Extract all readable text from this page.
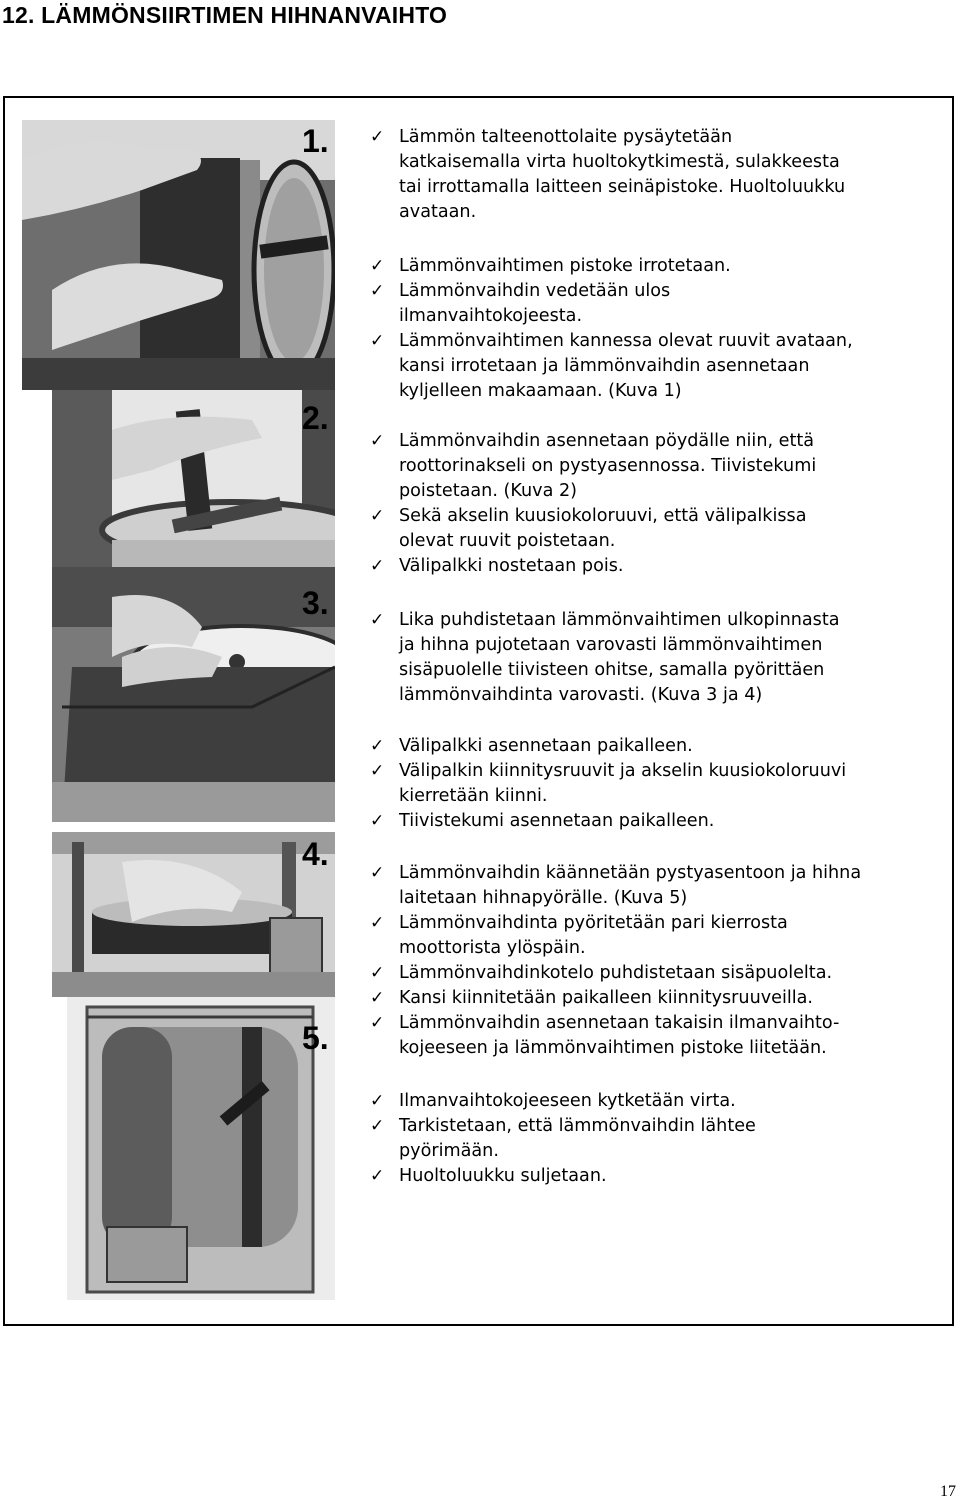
12. LÄMMÖNSIIRTIMEN HIHNANVAIHTO
1.
2.
3.
4.
5.
✓ Lämmön talteenottolaite pysäytetään
katkaisemalla virta huoltokytkimestä, sulakkeesta
tai irrottamalla laitteen seinäpistoke. Huoltoluukku
avataan.
✓ Lämmönvaihtimen pistoke irrotetaan.
✓ Lämmönvaihdin vedetään ulos
ilmanvaihtokojeesta.
✓ Lämmönvaihtimen kannessa olevat ruuvit avataan,
kansi irrotetaan ja lämmönvaihdin asennetaan
kyljelleen makaamaan. (Kuva 1)
✓ Lämmönvaihdin asennetaan pöydälle niin, että
roottorinakseli on pystyasennossa. Tiivistekumi
poistetaan. (Kuva 2)
✓ Sekä akselin kuusiokoloruuvi, että välipalkissa
olevat ruuvit poistetaan.
✓ Välipalkki nostetaan pois.
✓ Lika puhdistetaan lämmönvaihtimen ulkopinnasta
ja hihna pujotetaan varovasti lämmönvaihtimen
sisäpuolelle tiivisteen ohitse, samalla pyörittäen
lämmönvaihdinta varovasti. (Kuva 3 ja 4)
✓ Välipalkki asennetaan paikalleen.
✓ Välipalkin kiinnitysruuvit ja akselin kuusiokoloruuvi
kierretään kiinni.
✓ Tiivistekumi asennetaan paikalleen.
✓ Lämmönvaihdin käännetään pystyasentoon ja hihna
laitetaan hihnapyörälle. (Kuva 5)
✓ Lämmönvaihdinta pyöritetään pari kierrosta
moottorista ylöspäin.
✓ Lämmönvaihdinkotelo puhdistetaan sisäpuolelta.
✓ Kansi kiinnitetään paikalleen kiinnitysruuveilla.
✓ Lämmönvaihdin asennetaan takaisin ilmanvaihto-
kojeeseen ja lämmönvaihtimen pistoke liitetään.
✓ Ilmanvaihtokojeeseen kytketään virta.
✓ Tarkistetaan, että lämmönvaihdin lähtee
pyörimään.
✓ Huoltoluukku suljetaan.
17
